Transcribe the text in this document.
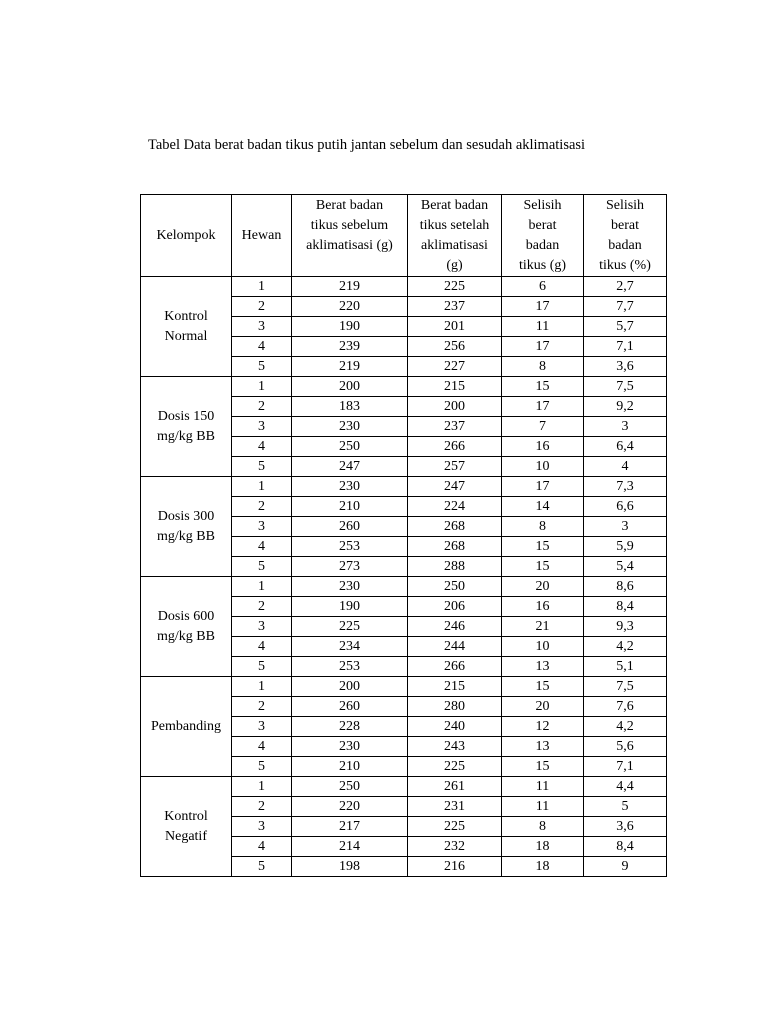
Tabel Data berat badan tikus putih jantan sebelum dan sesudah aklimatisasi
Kelompok	Hewan	Berat badan
tikus sebelum
aklimatisasi (g)	Berat badan
tikus setelah
aklimatisasi
(g)	Selisih
berat
badan
tikus (g)	Selisih
berat
badan
tikus (%)

Kontrol
Normal	1	219	225	6	2,7
	2	220	237	17	7,7
	3	190	201	11	5,7
	4	239	256	17	7,1
	5	219	227	8	3,6

Dosis 150
mg/kg BB	1	200	215	15	7,5
	2	183	200	17	9,2
	3	230	237	7	3
	4	250	266	16	6,4
	5	247	257	10	4

Dosis 300
mg/kg BB	1	230	247	17	7,3
	2	210	224	14	6,6
	3	260	268	8	3
	4	253	268	15	5,9
	5	273	288	15	5,4

Dosis 600
mg/kg BB	1	230	250	20	8,6
	2	190	206	16	8,4
	3	225	246	21	9,3
	4	234	244	10	4,2
	5	253	266	13	5,1

Pembanding	1	200	215	15	7,5
	2	260	280	20	7,6
	3	228	240	12	4,2
	4	230	243	13	5,6
	5	210	225	15	7,1

Kontrol
Negatif	1	250	261	11	4,4
	2	220	231	11	5
	3	217	225	8	3,6
	4	214	232	18	8,4
	5	198	216	18	9
